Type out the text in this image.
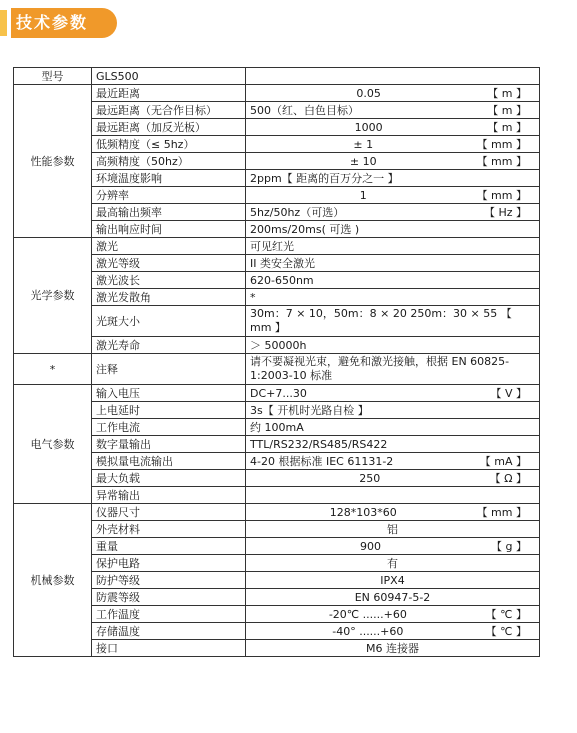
技术参数
型号	GLS500	
性能参数	最近距离	0.05 【 m 】

	最远距离（无合作目标）	500（红、白色目标） 【 m 】

	最远距离（加反光板）	1000 【 m 】

	低频精度（≤ 5hz）	± 1 【 mm 】

	高频精度（50hz）	± 10 【 mm 】

	环境温度影响	2ppm【 距离的百万分之一 】

	分辨率	1 【 mm 】

	最高输出频率	5hz/50hz（可选） 【 Hz 】

	输出响应时间	200ms/20ms( 可选 )

光学参数	激光	可见红光

	激光等级	II 类安全激光

	激光波长	620-650nm

	激光发散角	*

	光斑大小	30m：7 × 10，50m：8 × 20 250m：30 × 55 【 mm 】

	激光寿命	＞ 50000h

*	注释	请不要凝视光束，避免和激光接触，根据 EN 60825-1:2003-10 标准

电气参数	输入电压	DC+7...30 【 V 】

	上电延时	3s【 开机时光路自检 】

	工作电流	约 100mA

	数字量输出	TTL/RS232/RS485/RS422

	模拟量电流输出	4-20 根据标准 IEC 61131-2 【 mA 】

	最大负载	250 【 Ω 】

	异常输出	

机械参数	仪器尺寸	128*103*60 【 mm 】

	外壳材料	铝

	重量	900 【 g 】

	保护电路	有

	防护等级	IPX4

	防震等级	EN 60947-5-2

	工作温度	-20℃ ......+60 【 ℃ 】

	存储温度	-40° ......+60 【 ℃ 】

	接口	M6 连接器
